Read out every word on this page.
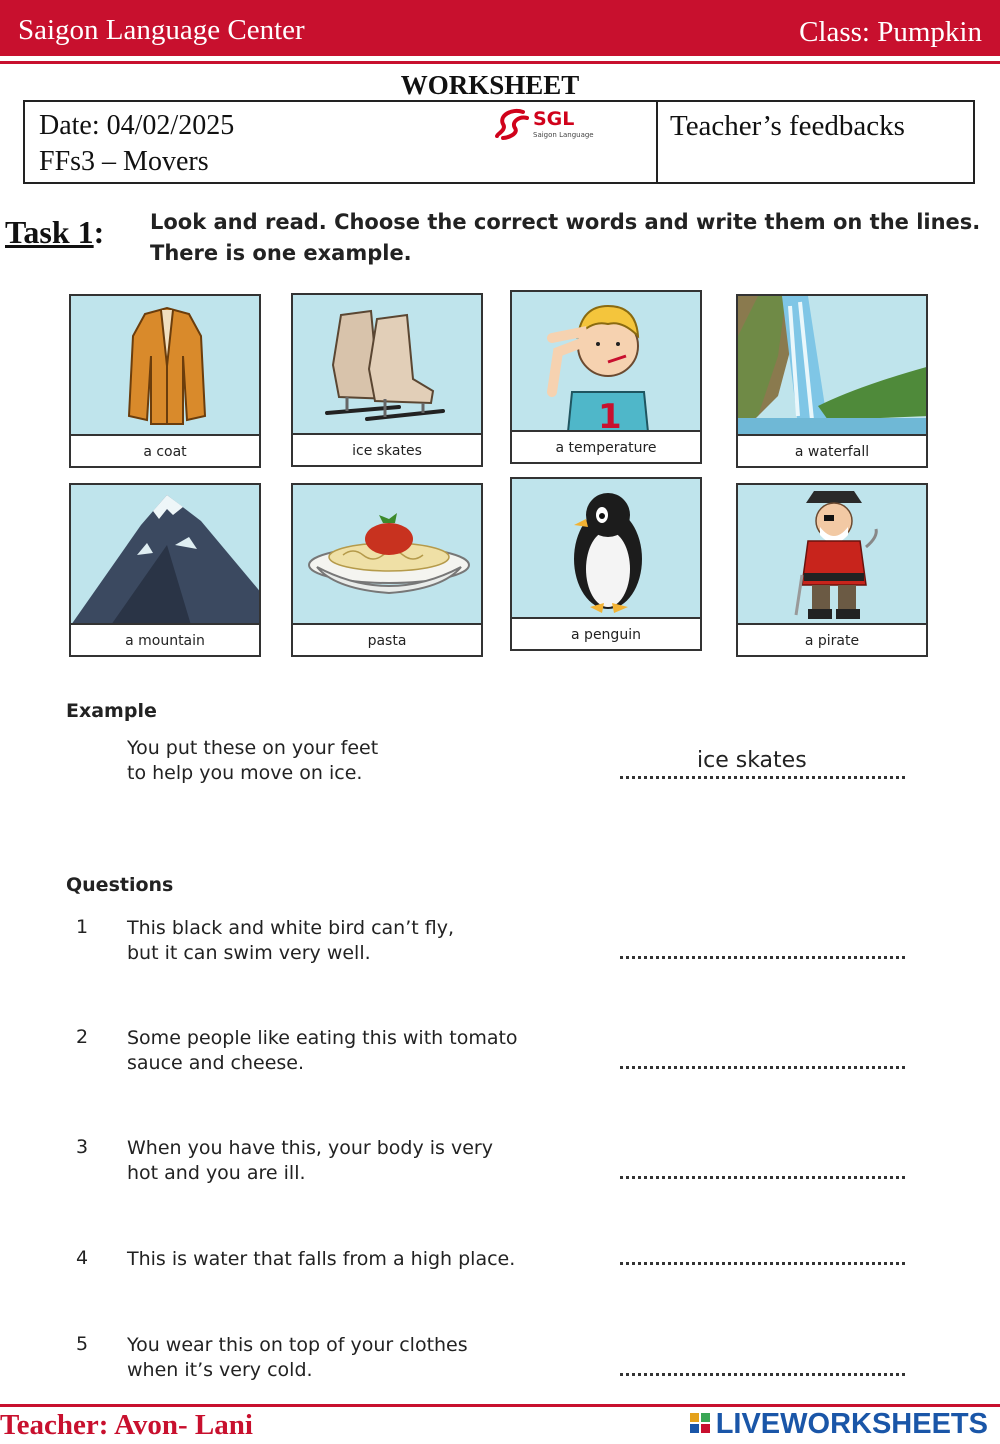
Saigon Language Center	Class: Pumpkin
WORKSHEET
Date: 04/02/2025
FFs3 – Movers
SGL
Saigon Language	Teacher’s feedbacks
Task 1: Look and read. Choose the correct words and write them on the lines.
There is one example.
a coat	ice skates
1
a temperature	a waterfall
a mountain	pasta	a penguin	a pirate
Example
You put these on your feet
to help you move on ice.	ice skates
Questions
1 This black and white bird can’t fly,
but it can swim very well.
2 Some people like eating this with tomato
sauce and cheese.
3 When you have this, your body is very
hot and you are ill.
4 This is water that falls from a high place.
5 You wear this on top of your clothes
when it’s very cold.
Teacher: Avon- Lani	LIVEWORKSHEETS
